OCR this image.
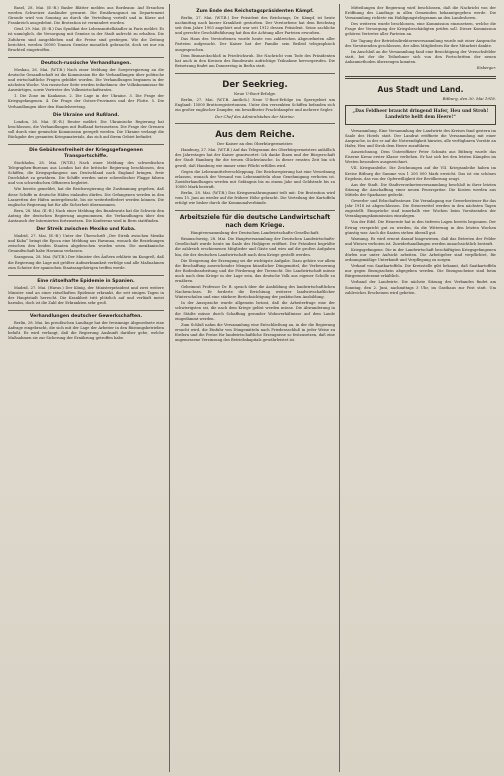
Basel, 28. Mai. (E.-B.) Basler Blätter melden aus Bordeaux: Auf Ersuchen werden Schweizer Ausländer gewarnt. Die Ernährungsnot im Departement Gironde wird von Sonntag an durch die Verteilung verteilt und in Kürze auf Frankreich ausgedehnt. Die Brotration ist vermindert worden.
Genf, 29. Mai. (E.-B.) Das Syndikat der Lebensmittelhändler in Paris meldet: Es ist unmöglich, die Versorgung mit Gemüse in der Stadt aufrecht zu erhalten. Die Zufuhren sind ausgeblieben und die Preise sind gestiegen. Wie die Zeitung berichtet, werden 10000 Tonnen Gemüse monatlich gebraucht, doch sei nur ein Bruchteil eingetroffen.
Deutsch-russische Verhandlungen.
Moskau, 26. Mai. (W.T.B.) Nach einer Meldung der Sowjetregierung an die deutsche Gesandtschaft ist die Kommission für die Verhandlungen über politische und wirtschaftliche Fragen gebildet worden. Die Verhandlungen beginnen in der nächsten Woche. Von russischer Seite werden teilnehmen: der Volkskommissar für Auswärtiges, sowie Vertreter des Volkswirtschaftsrates.
1. Die Zone im Kaukasus. 2. Die Lage in der Ukraine. 3. Die Frage der Kriegsgefangenen. 4. Die Frage der Ostsee-Provinzen und der Flotte. 5. Die Verhandlungen über den Handelsvertrag.
Die Ukraine und Rußland.
London, 26. Mai. (E.-B.) Reuter meldet: Die Ukrainische Regierung hat beschlossen, die Verhandlungen mit Rußland fortzusetzen. Die Frage der Grenzen soll durch eine gemischte Kommission geregelt werden. Die Ukraine verlangt die Rückgabe des gesamten Kriegsmaterials, das sich auf ihrem Gebiet befindet.
Die Gebührenfreiheit der Kriegsgefangenen Transportschiffe.
Stockholm, 28. Mai. (W.T.B.) Nach einer Meldung des schwedischen Telegraphen-Bureaus aus London hat die britische Regierung beschlossen, den Schiffen, die Kriegsgefangene aus Deutschland nach England bringen, freie Durchfahrt zu gewähren. Die Schiffe werden unter schwedischer Flagge fahren und von schwedischen Offizieren begleitet.
Wie bereits gemeldet, hat die Reichsregierung die Zustimmung gegeben, daß diese Schiffe in deutsche Häfen einlaufen dürfen. Die Gefangenen werden in den Lazaretten der Häfen untergebracht, bis sie weiterbefördert werden können. Die englische Regierung hat für alle Sicherheit übernommen.
Bern, 28. Mai. (E.-B.) Nach einer Meldung des Bundesrats hat die Schweiz den Antrag der deutschen Regierung angenommen, die Verhandlungen über den Austausch der Internierten fortzusetzen. Die Konferenz wird in Bern stattfinden.
Der Streik zwischen Mexiko und Kuba.
Madrid, 27. Mai. (E.-B.) Unter der Überschrift „Der Streik zwischen Mexiko und Kuba“ bringt die Epoca eine Meldung aus Havanna, wonach die Beziehungen zwischen den beiden Staaten abgebrochen worden seien. Die mexikanische Gesandtschaft habe Havanna verlassen.
Saragossa, 28. Mai. (W.T.B.) Der Minister des Äußern erklärte im Kongreß, daß die Regierung die Lage mit größter Aufmerksamkeit verfolge und alle Maßnahmen zum Schutze der spanischen Staatsangehörigen treffen werde.
Eine rätselhafte Epidemie in Spanien.
Madrid, 27. Mai. (Havas.) Der König, der Ministerpräsident und zwei weitere Minister sind an einer rätselhaften Epidemie erkrankt, die seit einigen Tagen in der Hauptstadt herrscht. Die Krankheit tritt plötzlich auf und verläuft meist harmlos, doch ist die Zahl der Erkrankten sehr groß.
Verhandlungen deutscher Gewerkschaften.
Berlin, 28. Mai. Im preußischen Landtage hat der freisinnige Abgeordnete eine Anfrage eingebracht, die sich mit der Lage der Arbeiter in den Rüstungsbetrieben befaßt. Es wird verlangt, daß die Regierung Auskunft darüber gebe, welche Maßnahmen sie zur Sicherung der Ernährung getroffen habe.
Zum Ende des Reichstagspräsidenten Kämpf.
Berlin, 27. Mai. (W.T.B.) Der Präsident des Reichstags, Dr. Kämpf, ist heute nachmittag nach kurzer Krankheit gestorben. Der Verstorbene hat dem Reichstag seit dem Jahre 1903 angehört und war seit 1912 dessen Präsident. Seine sachliche und gerechte Geschäftsführung hat ihm die Achtung aller Parteien erworben.
Das Haus des Verstorbenen wurde heute von zahlreichen Abgeordneten aller Parteien aufgesucht. Der Kaiser hat der Familie sein Beileid telegraphisch ausgesprochen.
Dem Bismarckschloß in Friedrichsruh. Die Nachricht vom Tode des Präsidenten hat auch in den Kreisen des Bundesrats aufrichtige Teilnahme hervorgerufen. Die Beisetzung findet am Donnerstag in Berlin statt.
Der Seekrieg.
Neue U-Boot-Erfolge.
Berlin, 27. Mai. (W.T.B. Amtlich.) Neue U-Boot-Erfolge im Sperrgebiet um England: 15000 Bruttoregistertonnen. Unter den versenkten Schiffen befanden sich ein großer englischer Dampfer, ein bewaffneter Frachtdampfer und mehrere Segler.
Der Chef des Admiralstabes der Marine.
Aus dem Reiche.
Der Kaiser an den Oberbürgermeister.
Hamburg, 27. Mai. (W.T.B.) Auf das Telegramm des Oberbürgermeisters anläßlich des Jahrestages hat der Kaiser geantwortet: Ich danke Ihnen und der Bürgerschaft der Stadt Hamburg für die treuen Glückwünsche. In dieser ernsten Zeit bin ich gewiß, daß Hamburg wie immer seine Pflicht erfüllen wird.
Gegen die Lebensmittelverschleppung. Die Reichsregierung hat eine Verordnung erlassen, wonach der Versand von Lebensmitteln ohne Genehmigung verboten ist. Zuwiderhandlungen werden mit Gefängnis bis zu einem Jahr und Geldstrafe bis zu 10000 Mark bestraft.
Berlin, 28. Mai. (W.T.B.) Das Kriegsernährungsamt teilt mit: Die Brotration wird vom 15. Juni an wieder auf die frühere Höhe gebracht. Die Verteilung der Kartoffeln erfolgt wie bisher durch die Kommunalverbände.
Arbeitsziele für die deutsche Landwirtschaft nach dem Kriege.
Hauptversammlung der Deutschen Landwirtschafts-Gesellschaft.
Braunschweig, 28. Mai. Die Hauptversammlung der Deutschen Landwirtschafts-Gesellschaft wurde heute im Saale des Hofjägers eröffnet. Der Präsident begrüßte die zahlreich erschienenen Mitglieder und Gäste und wies auf die großen Aufgaben hin, die der deutschen Landwirtschaft nach dem Kriege gestellt werden.
Die Steigerung der Erzeugung sei die wichtigste Aufgabe. Dazu gehöre vor allem die Beschaffung ausreichender Mengen künstlicher Düngemittel, die Verbesserung der Bodenbearbeitung und die Förderung der Tierzucht. Die Landwirtschaft müsse auch nach dem Kriege in der Lage sein, das deutsche Volk aus eigener Scholle zu ernähren.
Geheimrat Professor Dr. B. sprach über die Ausbildung des landwirtschaftlichen Nachwuchses. Er forderte die Errichtung weiterer landwirtschaftlicher Winterschulen und eine stärkere Berücksichtigung der praktischen Ausbildung.
In der Aussprache wurde allgemein betont, daß die Arbeiterfrage eine der schwierigsten sei, die nach dem Kriege gelöst werden müsse. Die Abwanderung in die Städte müsse durch Schaffung gesunder Wohnverhältnisse auf dem Lande eingedämmt werden.
Zum Schluß nahm die Versammlung eine Entschließung an, in der die Regierung ersucht wird, die Einfuhr von Düngemitteln nach Friedensschluß in jeder Weise zu fördern und die Preise für landwirtschaftliche Erzeugnisse so festzusetzen, daß eine angemessene Verzinsung des Betriebskapitals gewährleistet ist.
Mitteilungen der Regierung wird beschlossen, daß die Nachricht von der Eröffnung des Landtags in allen Gemeinden bekanntgegeben werde. Die Versammlung richtete ein Huldigungstelegramm an den Landesherrn.
Des weiteren wurde beschlossen, eine Kommission einzusetzen, welche die Frage der Versorgung der Kriegsbeschädigten prüfen soll. Dieser Kommission gehören Vertreter aller Parteien an.
Die Tagung der Betriebsdirektorenversammlung wurde mit einer Ansprache des Vorsitzenden geschlossen, der allen Mitgliedern für ihre Mitarbeit dankte.
Im Anschluß an die Versammlung fand eine Besichtigung der Versuchsfelder statt, bei der die Teilnehmer sich von den Fortschritten der neuen Anbaumethoden überzeugen konnten.
Eisberger.
Aus Stadt und Land.
Bitburg, den 30. Mai 1918.
„Das Feldheer braucht dringend Hafer, Heu und Stroh! Landwirte helft dem Heere!“
Versammlung. Eine Versammlung der Landwirte des Kreises fand gestern im Saale des Hotels statt. Der Landrat eröffnete die Versammlung mit einer Ansprache, in der er auf die Notwendigkeit hinwies, alle verfügbaren Vorräte an Hafer, Heu und Stroh dem Heere zuzuführen.
Auszeichnung. Dem Unteroffizier Peter Schmitz aus Bitburg wurde das Eiserne Kreuz erster Klasse verliehen. Er hat sich bei den letzten Kämpfen im Westen besonders ausgezeichnet.
VII. Kriegsanleihe. Die Zeichnungen auf die VII. Kriegsanleihe haben im Kreise Bitburg die Summe von 1 200 000 Mark erreicht. Das ist ein schönes Ergebnis, das von der Opferwilligkeit der Bevölkerung zeugt.
Aus der Stadt. Die Stadtverordnetenversammlung beschloß in ihrer letzten Sitzung die Anschaffung einer neuen Feuerspritze. Die Kosten werden aus Mitteln der Sparkasse gedeckt.
Gewerbe- und Erbschaftssteuer. Die Veranlagung zur Gewerbesteuer für das Jahr 1918 ist abgeschlossen. Die Steuerzettel werden in den nächsten Tagen zugestellt. Einsprüche sind innerhalb vier Wochen beim Vorsitzenden der Veranlagungskommission einzulegen.
Von der Eifel. Die Heuernte hat in den tieferen Lagen bereits begonnen. Der Ertrag verspricht gut zu werden, da die Witterung in den letzten Wochen günstig war. Auch die Saaten stehen überall gut.
Warnung. Es wird erneut darauf hingewiesen, daß das Betreten der Felder und Wiesen verboten ist. Zuwiderhandlungen werden unnachsichtlich bestraft.
Kriegsgefangene. Die in der Landwirtschaft beschäftigten Kriegsgefangenen dürfen nur unter Aufsicht arbeiten. Die Arbeitgeber sind verpflichtet, für ordnungsmäßige Unterkunft und Verpflegung zu sorgen.
Verkauf von Saatkartoffeln. Die Kreisstelle gibt bekannt, daß Saatkartoffeln nur gegen Bezugsschein abgegeben werden. Die Bezugsscheine sind beim Bürgermeisteramt erhältlich.
Verband der Landwirte. Die nächste Sitzung des Verbandes findet am Sonntag, den 2. Juni, nachmittags 3 Uhr, im Gasthaus zur Post statt. Um zahlreiches Erscheinen wird gebeten.
